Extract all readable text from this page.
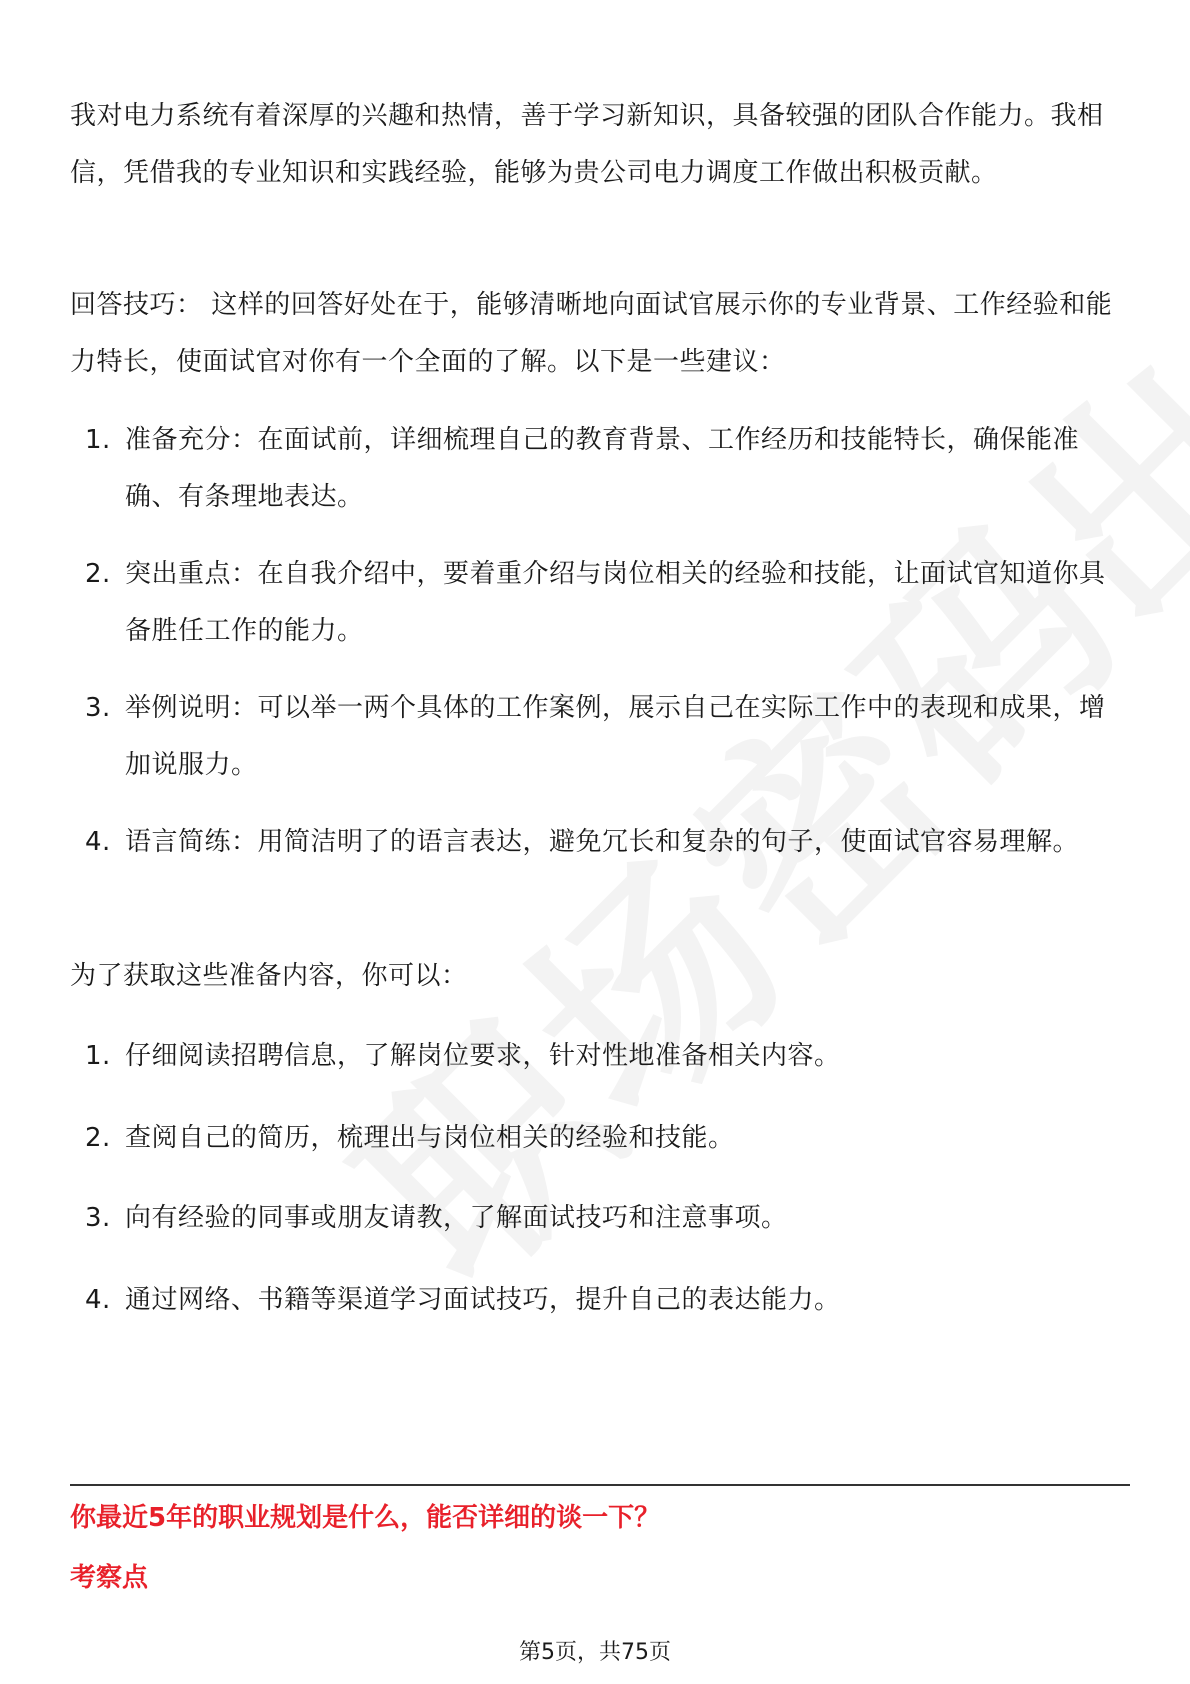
我对电力系统有着深厚的兴趣和热情，善于学习新知识，具备较强的团队合作能力。我相信，凭借我的专业知识和实践经验，能够为贵公司电力调度工作做出积极贡献。

回答技巧： 这样的回答好处在于，能够清晰地向面试官展示你的专业背景、工作经验和能力特长，使面试官对你有一个全面的了解。以下是一些建议：

1. 准备充分：在面试前，详细梳理自己的教育背景、工作经历和技能特长，确保能准确、有条理地表达。
2. 突出重点：在自我介绍中，要着重介绍与岗位相关的经验和技能，让面试官知道你具备胜任工作的能力。
3. 举例说明：可以举一两个具体的工作案例，展示自己在实际工作中的表现和成果，增加说服力。
4. 语言简练：用简洁明了的语言表达，避免冗长和复杂的句子，使面试官容易理解。

为了获取这些准备内容，你可以：

1. 仔细阅读招聘信息，了解岗位要求，针对性地准备相关内容。
2. 查阅自己的简历，梳理出与岗位相关的经验和技能。
3. 向有经验的同事或朋友请教，了解面试技巧和注意事项。
4. 通过网络、书籍等渠道学习面试技巧，提升自己的表达能力。
你最近5年的职业规划是什么，能否详细的谈一下？
考察点
第5页，共75页
